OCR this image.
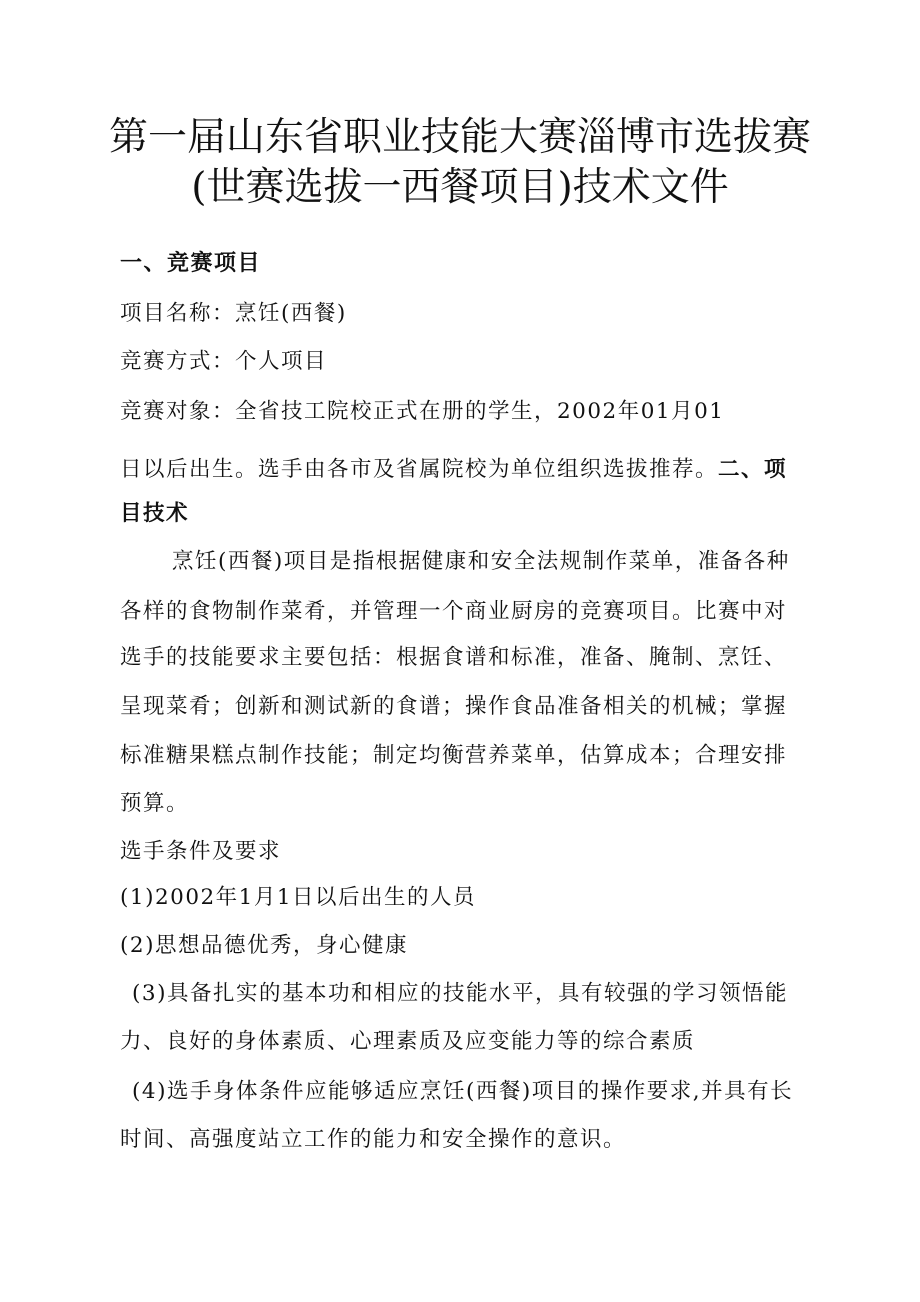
第一届山东省职业技能大赛淄博市选拔赛
(世赛选拔一西餐项目)技术文件
一、竞赛项目
项目名称：烹饪(西餐)
竞赛方式：个人项目
竞赛对象：全省技工院校正式在册的学生，2002年01月01
日以后出生。选手由各市及省属院校为单位组织选拔推荐。二、项
目技术
烹饪(西餐)项目是指根据健康和安全法规制作菜单，准备各种
各样的食物制作菜肴，并管理一个商业厨房的竞赛项目。比赛中对
选手的技能要求主要包括：根据食谱和标准，准备、腌制、烹饪、
呈现菜肴；创新和测试新的食谱；操作食品准备相关的机械；掌握
标准糖果糕点制作技能；制定均衡营养菜单，估算成本；合理安排
预算。
选手条件及要求
(1)2002年1月1日以后出生的人员
(2)思想品德优秀，身心健康
(3)具备扎实的基本功和相应的技能水平，具有较强的学习领悟能
力、良好的身体素质、心理素质及应变能力等的综合素质
(4)选手身体条件应能够适应烹饪(西餐)项目的操作要求,并具有长
时间、高强度站立工作的能力和安全操作的意识。
